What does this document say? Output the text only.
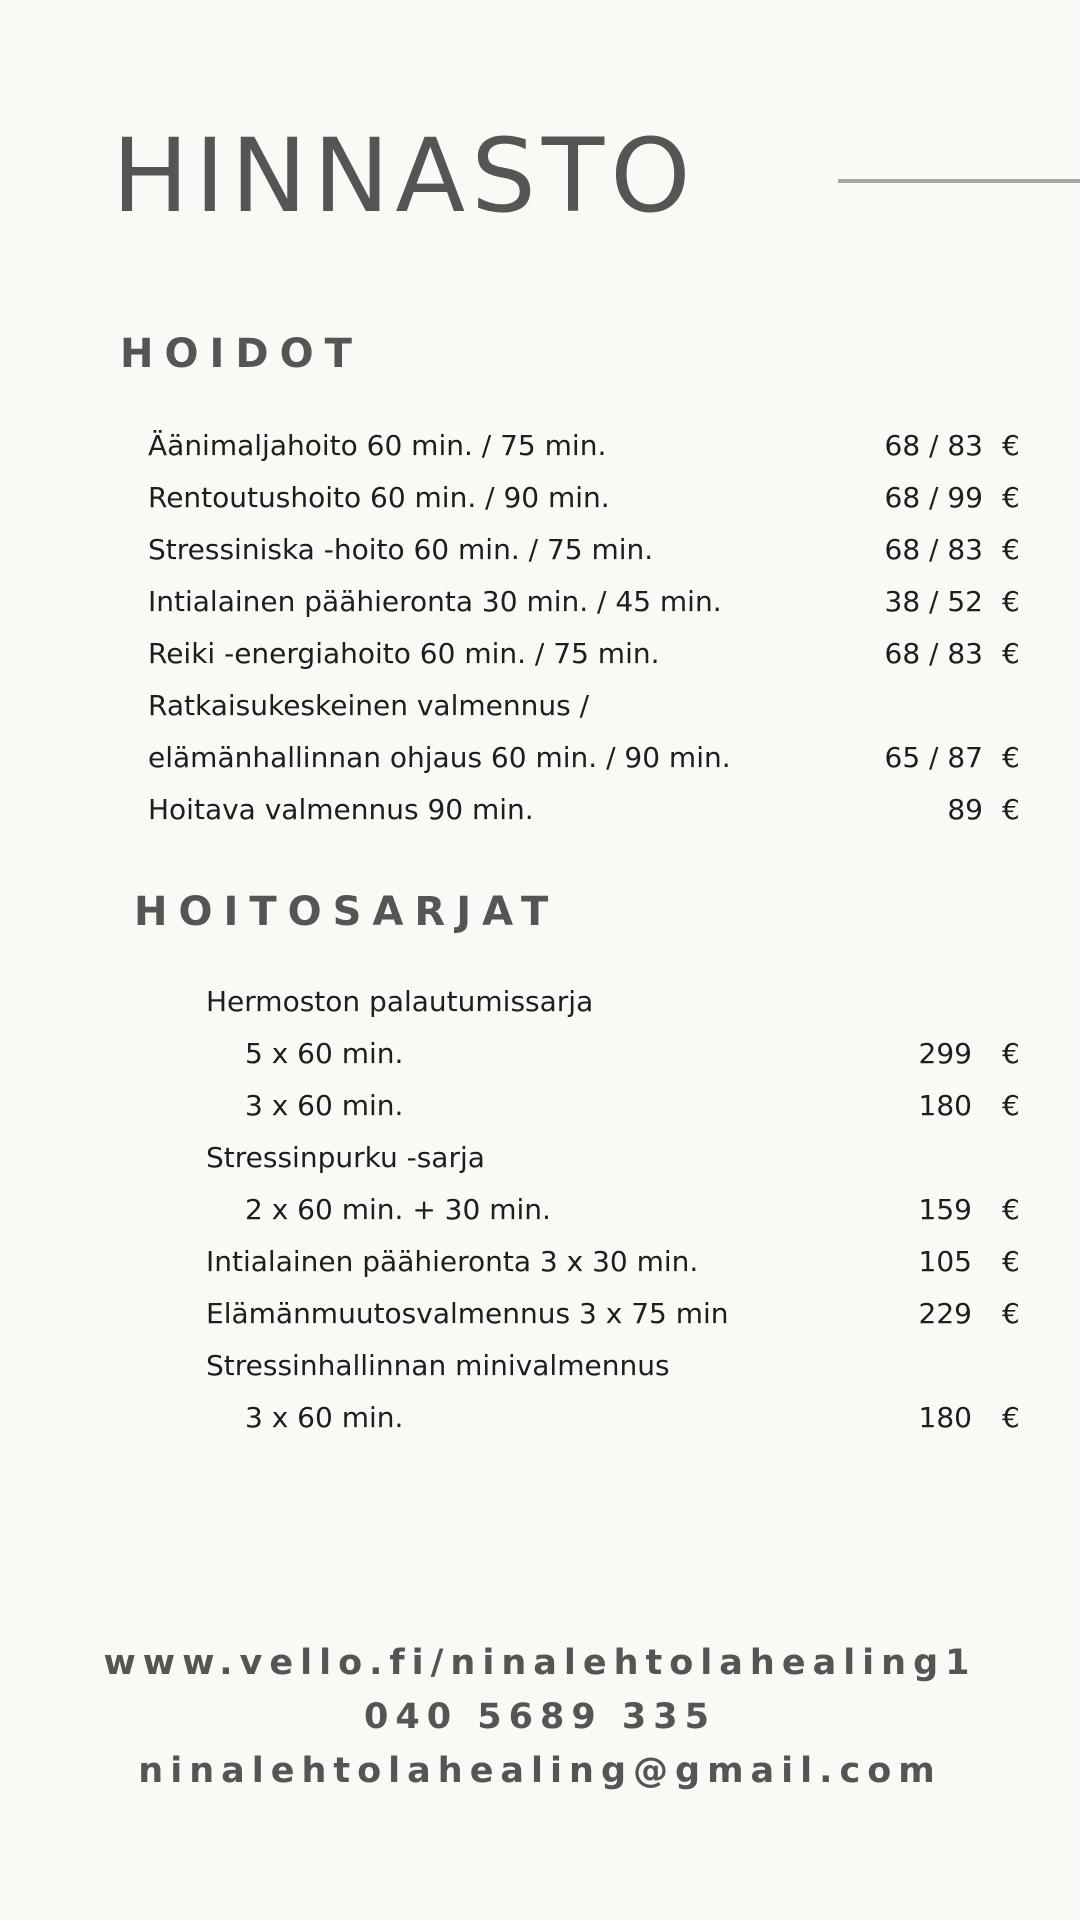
HINNASTO
HOIDOT
Äänimaljahoito 60 min. / 75 min.	68 / 83 €
Rentoutushoito 60 min. / 90 min.	68 / 99 €
Stressiniska -hoito 60 min. / 75 min.	68 / 83 €
Intialainen päähieronta 30 min. / 45 min.	38 / 52 €
Reiki -energiahoito 60 min. / 75 min.	68 / 83 €
Ratkaisukeskeinen valmennus /
elämänhallinnan ohjaus 60 min. / 90 min.	65 / 87 €
Hoitava valmennus 90 min.	89 €
HOITOSARJAT
Hermoston palautumissarja
5 x 60 min.	299 €
3 x 60 min.	180 €
Stressinpurku -sarja
2 x 60 min. + 30 min.	159 €
Intialainen päähieronta 3 x 30 min.	105 €
Elämänmuutosvalmennus 3 x 75 min	229 €
Stressinhallinnan minivalmennus
3 x 60 min.	180 €
www.vello.fi/ninalehtolahealing1
040 5689 335
ninalehtolahealing@gmail.com
